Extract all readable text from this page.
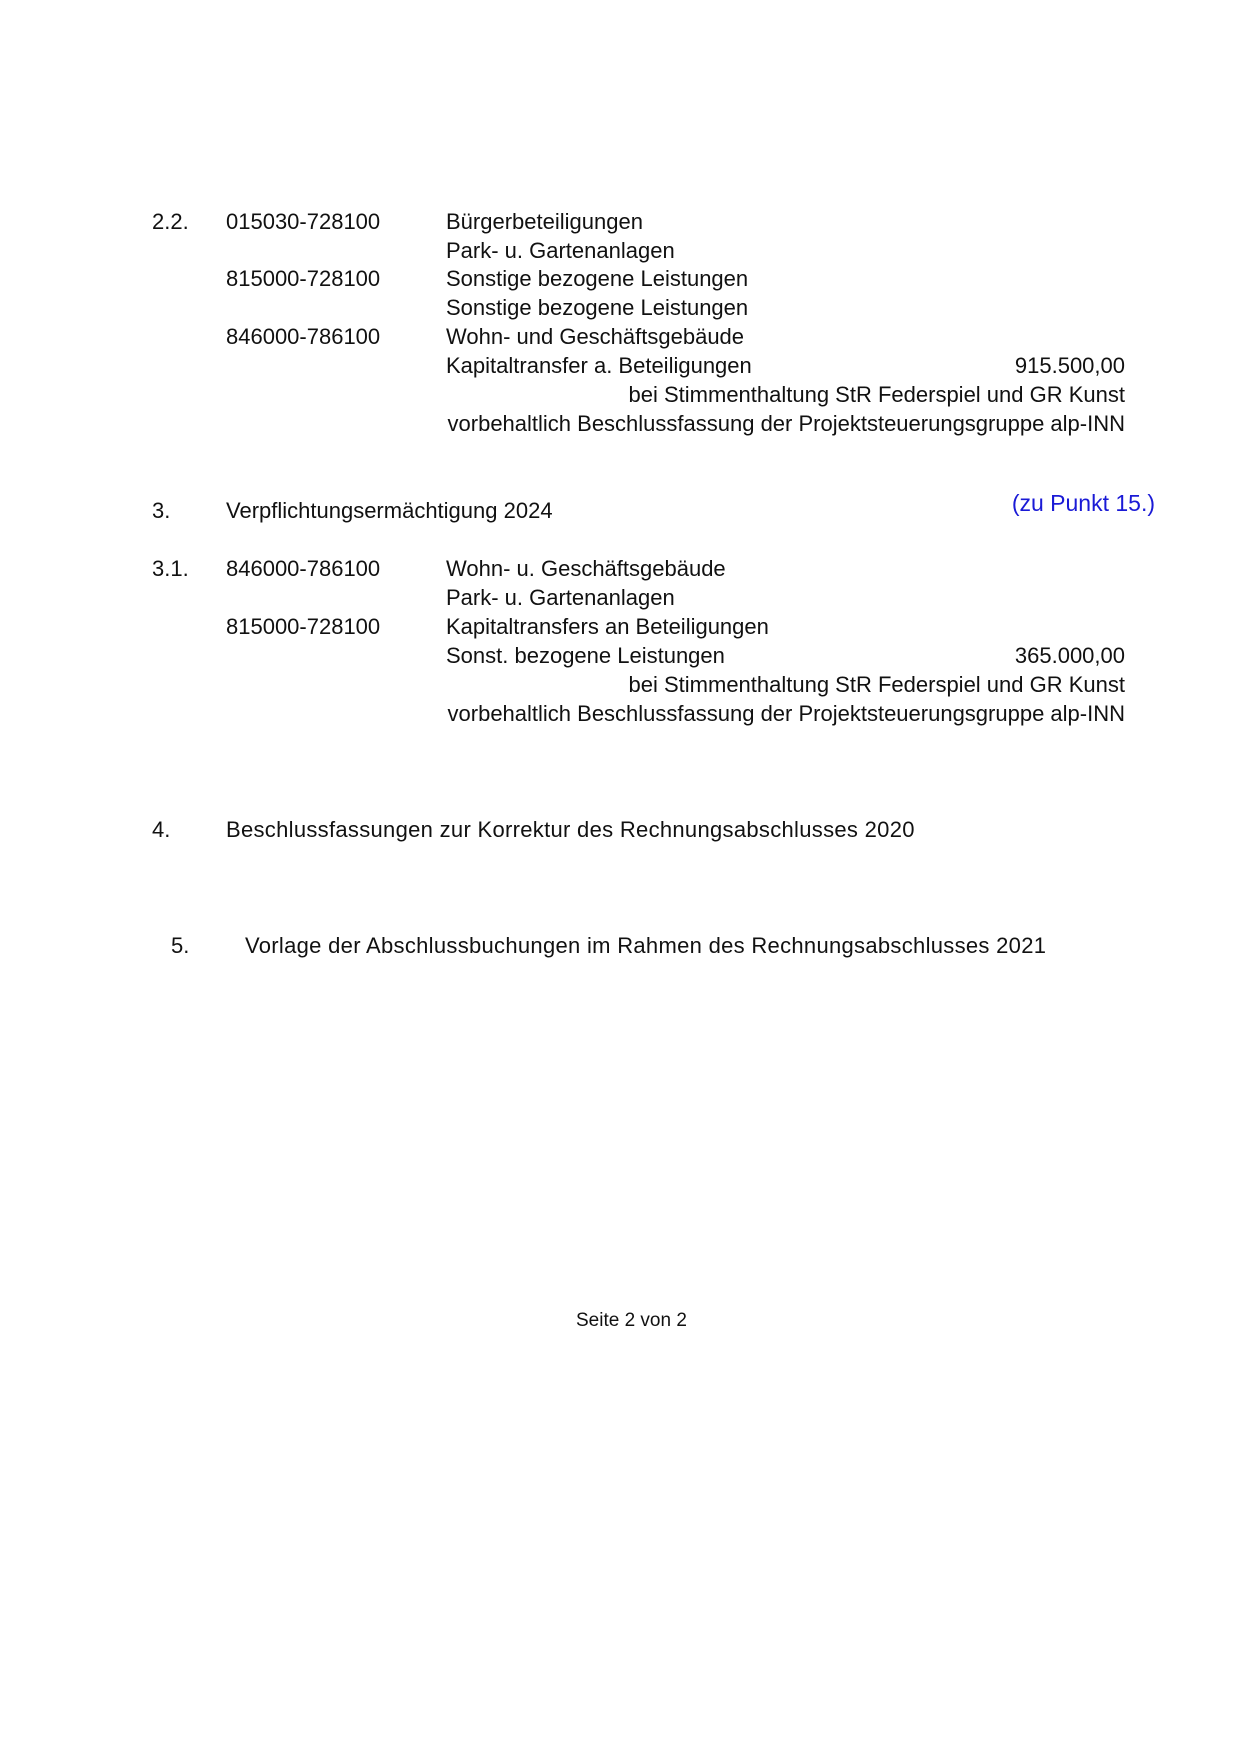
2.2. 015030-728100	Bürgerbeteiligungen
Park- u. Gartenanlagen
815000-728100	Sonstige bezogene Leistungen
Sonstige bezogene Leistungen
846000-786100	Wohn- und Geschäftsgebäude
Kapitaltransfer a. Beteiligungen	915.500,00
bei Stimmenthaltung StR Federspiel und GR Kunst
vorbehaltlich Beschlussfassung der Projektsteuerungsgruppe alp-INN
3.	Verpflichtungsermächtigung 2024	(zu Punkt 15.)
3.1. 846000-786100	Wohn- u. Geschäftsgebäude
Park- u. Gartenanlagen
815000-728100	Kapitaltransfers an Beteiligungen
Sonst. bezogene Leistungen	365.000,00
bei Stimmenthaltung StR Federspiel und GR Kunst
vorbehaltlich Beschlussfassung der Projektsteuerungsgruppe alp-INN
4.	Beschlussfassungen zur Korrektur des Rechnungsabschlusses 2020
5.	Vorlage der Abschlussbuchungen im Rahmen des Rechnungsabschlusses 2021
Seite 2 von 2
